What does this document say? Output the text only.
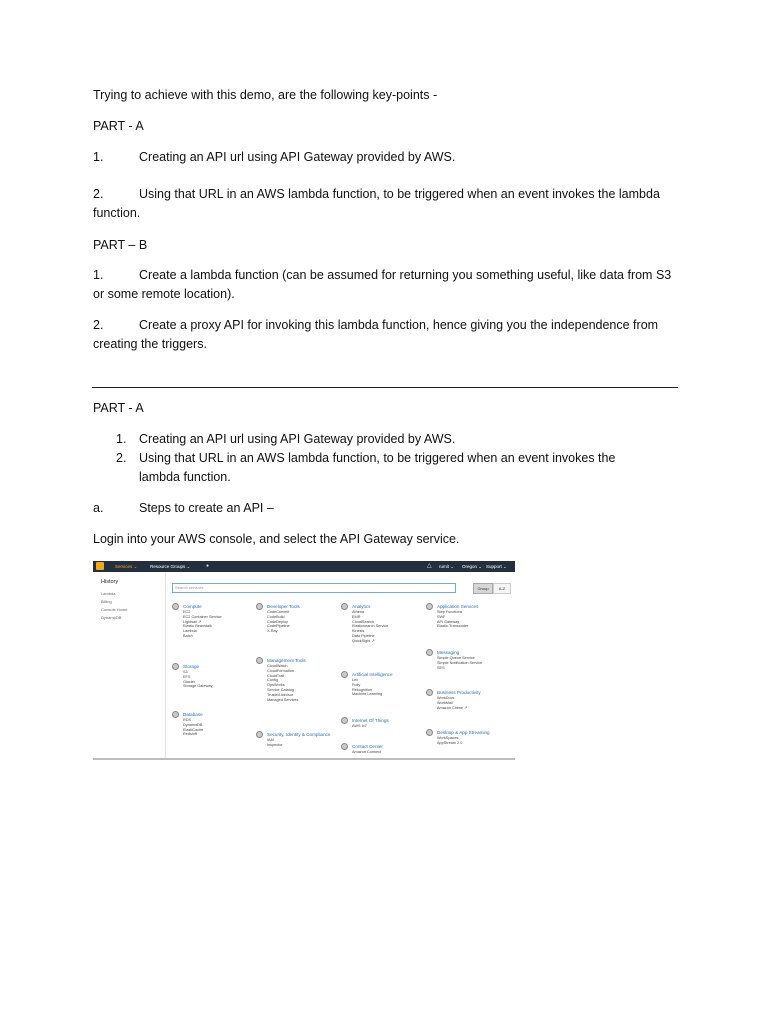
Trying to achieve with this demo, are the following key-points -
PART - A
1.	Creating an API url using API Gateway provided by AWS.
2.	Using that URL in an AWS lambda function, to be triggered when an event invokes the lambda function.
PART – B
1.	Create a lambda function (can be assumed for returning you something useful, like data from S3 or some remote location).
2.	Create a proxy API for invoking this lambda function, hence giving you the independence from creating the triggers.
PART - A
1. Creating an API url using API Gateway provided by AWS.
2. Using that URL in an AWS lambda function, to be triggered when an event invokes the lambda function.
a.	Steps to create an API –
Login into your AWS console, and select the API Gateway service.
Services ⌄	Resource Groups ⌄	●	△ rumit ⌄ Oregon ⌄ Support ⌄
History
Lambda
Billing
Console Home
DynamoDB
Search services	Group	A-Z
Compute
EC2
EC2 Container Service
Lightsail ↗
Elastic Beanstalk
Lambda
Batch
Storage
S3
EFS
Glacier
Storage Gateway
Database
RDS
DynamoDB
ElastiCache
Redshift
Developer Tools
CodeCommit
CodeBuild
CodeDeploy
CodePipeline
X-Ray
Management Tools
CloudWatch
CloudFormation
CloudTrail
Config
OpsWorks
Service Catalog
Trusted Advisor
Managed Services
Security, Identity & Compliance
IAM
Inspector
Analytics
Athena
EMR
CloudSearch
Elasticsearch Service
Kinesis
Data Pipeline
QuickSight ↗
Artificial Intelligence
Lex
Polly
Rekognition
Machine Learning
Internet Of Things
AWS IoT
Contact Center
Amazon Connect
Application Services
Step Functions
SWF
API Gateway
Elastic Transcoder
Messaging
Simple Queue Service
Simple Notification Service
SES
Business Productivity
WorkDocs
WorkMail
Amazon Chime ↗
Desktop & App Streaming
WorkSpaces
AppStream 2.0
